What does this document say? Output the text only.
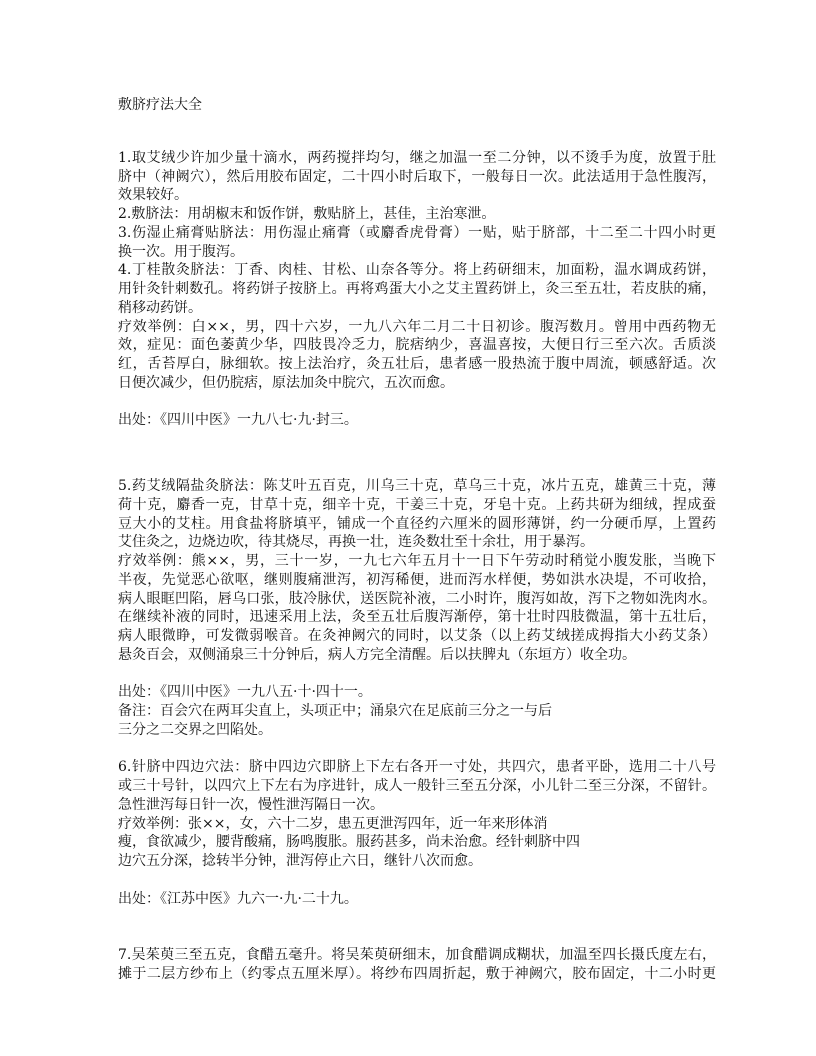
敷脐疗法大全
1.取艾绒少许加少量十滴水，两药搅拌均匀，继之加温一至二分钟，以不烫手为度，放置于肚
脐中（神阙穴），然后用胶布固定，二十四小时后取下，一般每日一次。此法适用于急性腹泻，
效果较好。
2.敷脐法：用胡椒末和饭作饼，敷贴脐上，甚佳，主治寒泄。
3.伤湿止痛膏贴脐法：用伤湿止痛膏（或麝香虎骨膏）一贴，贴于脐部，十二至二十四小时更
换一次。用于腹泻。
4.丁桂散灸脐法：丁香、肉桂、甘松、山奈各等分。将上药研细末，加面粉，温水调成药饼，
用针灸针刺数孔。将药饼子按脐上。再将鸡蛋大小之艾主置药饼上，灸三至五壮，若皮肤的痛，
稍移动药饼。
疗效举例：白××，男，四十六岁，一九八六年二月二十日初诊。腹泻数月。曾用中西药物无
效，症见：面色萎黄少华，四肢畏冷乏力，脘痞纳少，喜温喜按，大便日行三至六次。舌质淡
红，舌苔厚白，脉细软。按上法治疗，灸五壮后，患者感一股热流于腹中周流，顿感舒适。次
日便次减少，但仍脘痞，原法加灸中脘穴，五次而愈。
出处：《四川中医》一九八七·九·封三。
5.药艾绒隔盐灸脐法：陈艾叶五百克，川乌三十克，草乌三十克，冰片五克，雄黄三十克，薄
荷十克，麝香一克，甘草十克，细辛十克，干姜三十克，牙皂十克。上药共研为细绒，捏成蚕
豆大小的艾柱。用食盐将脐填平，铺成一个直径约六厘米的圆形薄饼，约一分硬币厚，上置药
艾住灸之，边烧边吹，待其烧尽，再换一壮，连灸数壮至十余壮，用于暴泻。
疗效举例：熊××，男，三十一岁，一九七六年五月十一日下午劳动时稍觉小腹发胀，当晚下
半夜，先觉恶心欲呕，继则腹痛泄泻，初泻稀便，进而泻水样便，势如洪水决堤，不可收拾，
病人眼眶凹陷，唇乌口张，肢冷脉伏，送医院补液，二小时许，腹泻如故，泻下之物如洗肉水。
在继续补液的同时，迅速采用上法，灸至五壮后腹泻渐停，第十壮时四肢微温，第十五壮后，
病人眼微睁，可发微弱喉音。在灸神阙穴的同时，以艾条（以上药艾绒搓成拇指大小药艾条）
悬灸百会，双侧涌泉三十分钟后，病人方完全清醒。后以扶脾丸（东垣方）收全功。
出处：《四川中医》一九八五·十·四十一。
备注：百会穴在两耳尖直上，头项正中；涌泉穴在足底前三分之一与后
三分之二交界之凹陷处。
6.针脐中四边穴法：脐中四边穴即脐上下左右各开一寸处，共四穴，患者平卧，选用二十八号
或三十号针，以四穴上下左右为序进针，成人一般针三至五分深，小儿针二至三分深，不留针。
急性泄泻每日针一次，慢性泄泻隔日一次。
疗效举例：张××，女，六十二岁，患五更泄泻四年，近一年来形体消
瘦，食欲减少，腰背酸痛，肠鸣腹胀。服药甚多，尚未治愈。经针刺脐中四
边穴五分深，捻转半分钟，泄泻停止六日，继针八次而愈。
出处：《江苏中医》九六一·九·二十九。
7.吴茱萸三至五克，食醋五毫升。将吴茱萸研细末，加食醋调成糊状，加温至四长摄氏度左右，
摊于二层方纱布上（约零点五厘米厚）。将纱布四周折起，敷于神阙穴，胶布固定，十二小时更
